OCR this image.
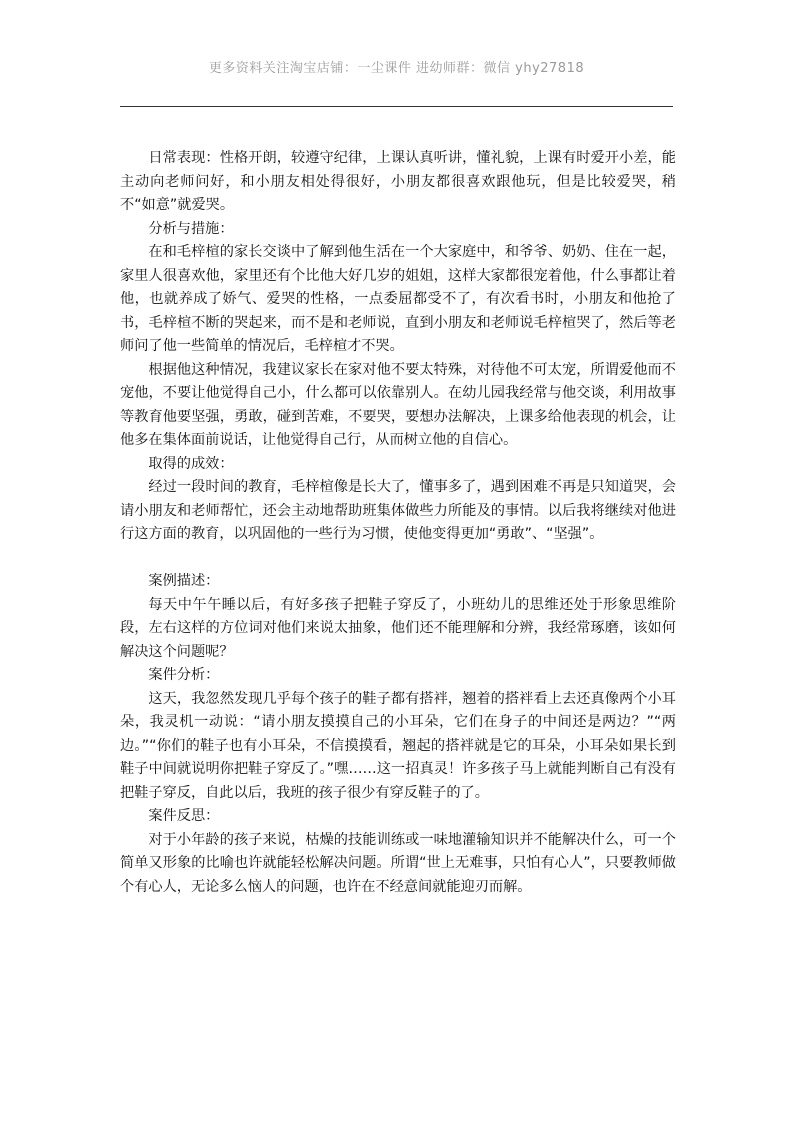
更多资料关注淘宝店铺：一尘课件 进幼师群：微信 yhy27818

日常表现：性格开朗，较遵守纪律，上课认真听讲，懂礼貌，上课有时爱开小差，能主动向老师问好，和小朋友相处得很好，小朋友都很喜欢跟他玩，但是比较爱哭，稍不“如意”就爱哭。

分析与措施：

在和毛梓楦的家长交谈中了解到他生活在一个大家庭中，和爷爷、奶奶、住在一起，家里人很喜欢他，家里还有个比他大好几岁的姐姐，这样大家都很宠着他，什么事都让着他，也就养成了娇气、爱哭的性格，一点委屈都受不了，有次看书时，小朋友和他抢了书，毛梓楦不断的哭起来，而不是和老师说，直到小朋友和老师说毛梓楦哭了，然后等老师问了他一些简单的情况后，毛梓楦才不哭。

根据他这种情况，我建议家长在家对他不要太特殊，对待他不可太宠，所谓爱他而不宠他，不要让他觉得自己小，什么都可以依靠别人。在幼儿园我经常与他交谈，利用故事等教育他要坚强，勇敢，碰到苦难，不要哭，要想办法解决，上课多给他表现的机会，让他多在集体面前说话，让他觉得自己行，从而树立他的自信心。

取得的成效：

经过一段时间的教育，毛梓楦像是长大了，懂事多了，遇到困难不再是只知道哭，会请小朋友和老师帮忙，还会主动地帮助班集体做些力所能及的事情。以后我将继续对他进行这方面的教育，以巩固他的一些行为习惯，使他变得更加“勇敢”、“坚强”。

案例描述：

每天中午午睡以后，有好多孩子把鞋子穿反了，小班幼儿的思维还处于形象思维阶段，左右这样的方位词对他们来说太抽象，他们还不能理解和分辨，我经常琢磨，该如何解决这个问题呢？

案件分析：

这天，我忽然发现几乎每个孩子的鞋子都有搭袢，翘着的搭袢看上去还真像两个小耳朵，我灵机一动说：“请小朋友摸摸自己的小耳朵，它们在身子的中间还是两边？”“两边。”“你们的鞋子也有小耳朵，不信摸摸看，翘起的搭袢就是它的耳朵，小耳朵如果长到鞋子中间就说明你把鞋子穿反了。”嘿……这一招真灵！许多孩子马上就能判断自己有没有把鞋子穿反，自此以后，我班的孩子很少有穿反鞋子的了。

案件反思：

对于小年龄的孩子来说，枯燥的技能训练或一味地灌输知识并不能解决什么，可一个简单又形象的比喻也许就能轻松解决问题。所谓“世上无难事，只怕有心人”，只要教师做个有心人，无论多么恼人的问题，也许在不经意间就能迎刃而解。
